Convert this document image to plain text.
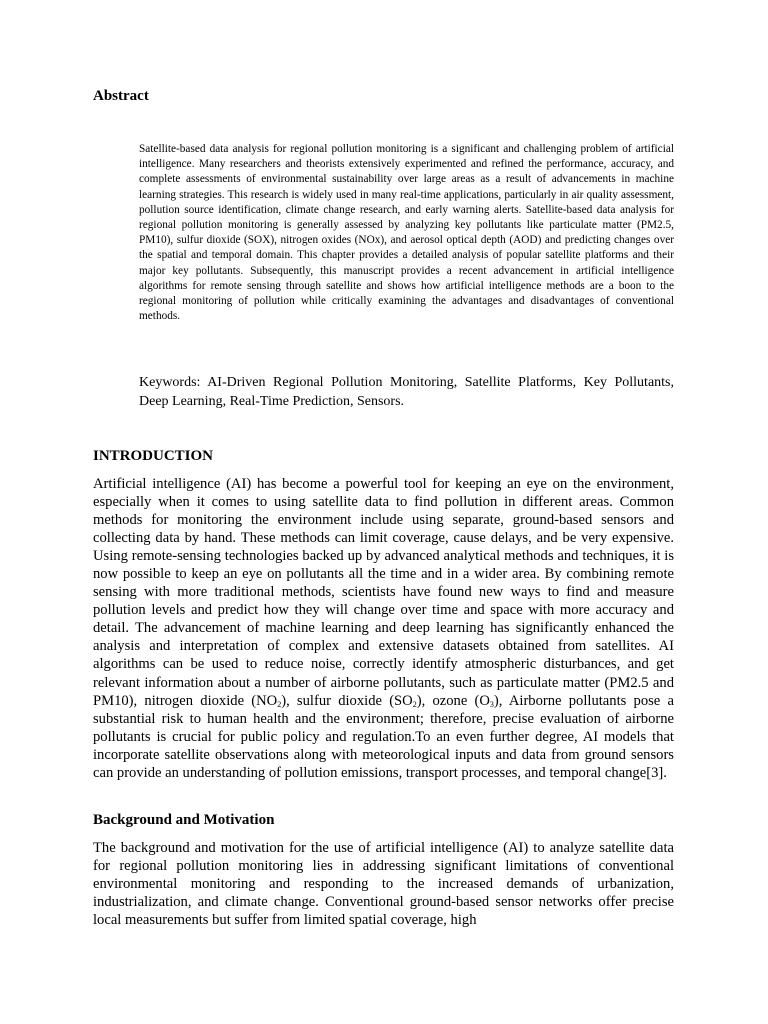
Abstract

Satellite-based data analysis for regional pollution monitoring is a significant and challenging problem of artificial intelligence. Many researchers and theorists extensively experimented and refined the performance, accuracy, and complete assessments of environmental sustainability over large areas as a result of advancements in machine learning strategies. This research is widely used in many real-time applications, particularly in air quality assessment, pollution source identification, climate change research, and early warning alerts. Satellite-based data analysis for regional pollution monitoring is generally assessed by analyzing key pollutants like particulate matter (PM2.5, PM10), sulfur dioxide (SOX), nitrogen oxides (NOx), and aerosol optical depth (AOD) and predicting changes over the spatial and temporal domain. This chapter provides a detailed analysis of popular satellite platforms and their major key pollutants. Subsequently, this manuscript provides a recent advancement in artificial intelligence algorithms for remote sensing through satellite and shows how artificial intelligence methods are a boon to the regional monitoring of pollution while critically examining the advantages and disadvantages of conventional methods.

Keywords: AI-Driven Regional Pollution Monitoring, Satellite Platforms, Key Pollutants, Deep Learning, Real-Time Prediction, Sensors.

INTRODUCTION

Artificial intelligence (AI) has become a powerful tool for keeping an eye on the environment, especially when it comes to using satellite data to find pollution in different areas. Common methods for monitoring the environment include using separate, ground-based sensors and collecting data by hand. These methods can limit coverage, cause delays, and be very expensive. Using remote-sensing technologies backed up by advanced analytical methods and techniques, it is now possible to keep an eye on pollutants all the time and in a wider area. By combining remote sensing with more traditional methods, scientists have found new ways to find and measure pollution levels and predict how they will change over time and space with more accuracy and detail. The advancement of machine learning and deep learning has significantly enhanced the analysis and interpretation of complex and extensive datasets obtained from satellites. AI algorithms can be used to reduce noise, correctly identify atmospheric disturbances, and get relevant information about a number of airborne pollutants, such as particulate matter (PM2.5 and PM10), nitrogen dioxide $(NO_2)$, sulfur dioxide $(SO_2)$, ozone $(O_3)$, Airborne pollutants pose a substantial risk to human health and the environment; therefore, precise evaluation of airborne pollutants is crucial for public policy and regulation.To an even further degree, AI models that incorporate satellite observations along with meteorological inputs and data from ground sensors can provide an understanding of pollution emissions, transport processes, and temporal change[3].

Background and Motivation

The background and motivation for the use of artificial intelligence (AI) to analyze satellite data for regional pollution monitoring lies in addressing significant limitations of conventional environmental monitoring and responding to the increased demands of urbanization, industrialization, and climate change. Conventional ground-based sensor networks offer precise local measurements but suffer from limited spatial coverage, high
